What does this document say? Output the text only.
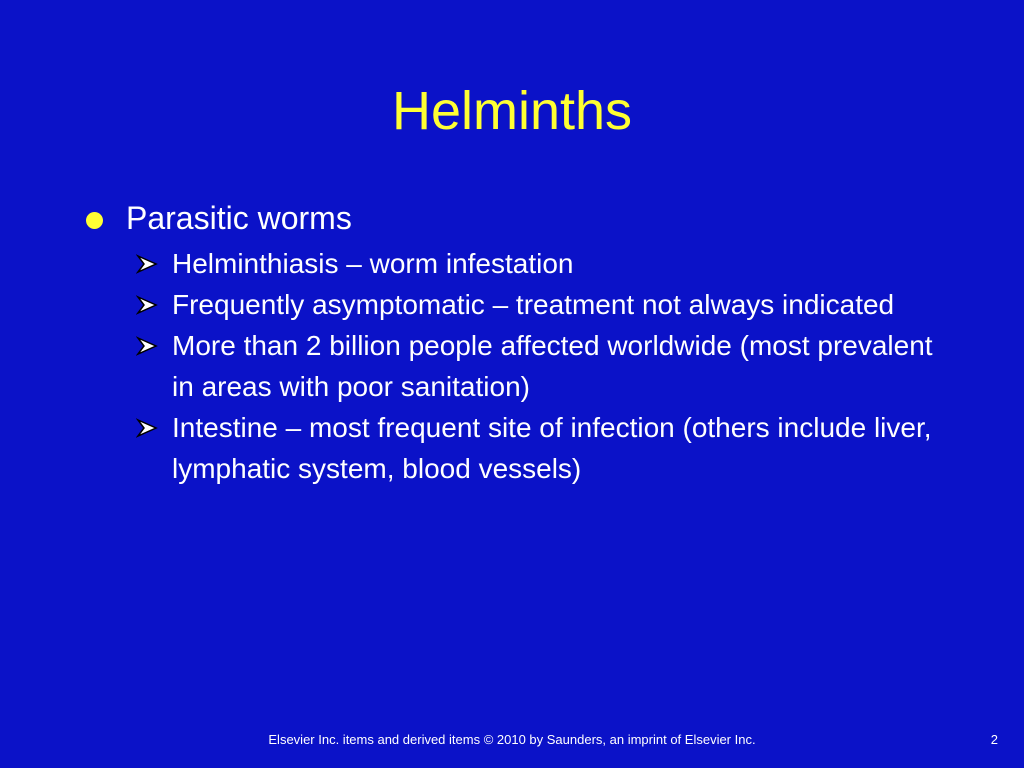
Helminths
Parasitic worms
Helminthiasis – worm infestation
Frequently asymptomatic – treatment not always indicated
More than 2 billion people affected worldwide (most prevalent in areas with poor sanitation)
Intestine – most frequent site of infection (others include liver, lymphatic system, blood vessels)
Elsevier Inc. items and derived items © 2010 by Saunders, an imprint of Elsevier Inc.	2
